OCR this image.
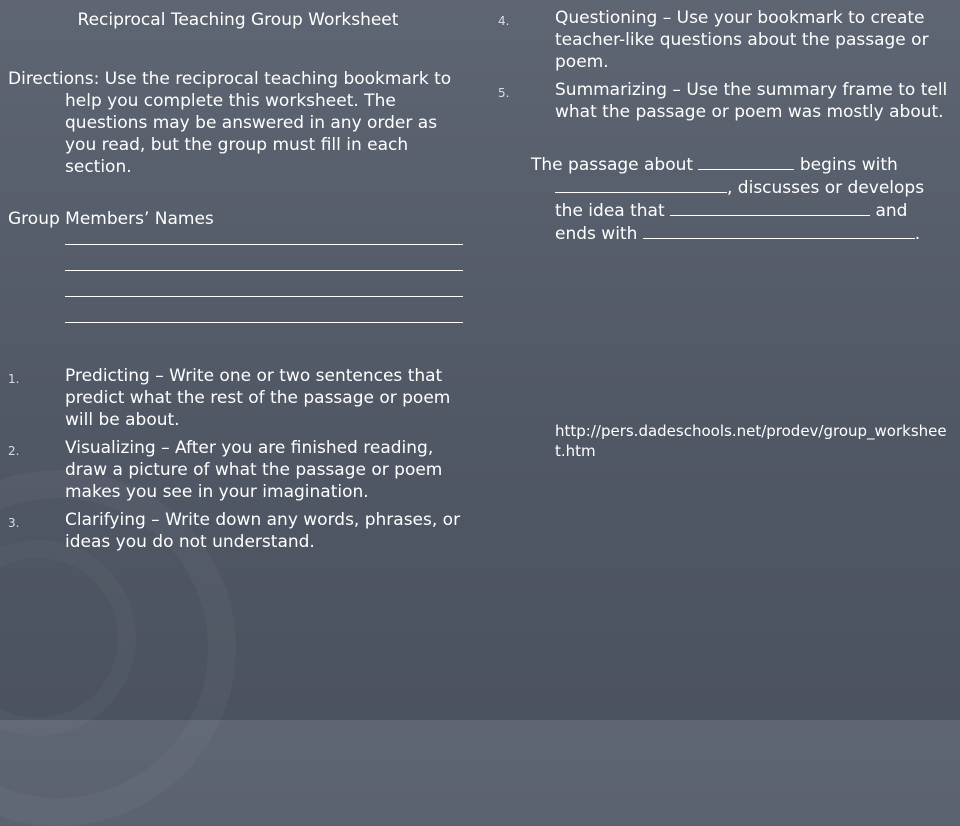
Reciprocal Teaching Group Worksheet
Directions: Use the reciprocal teaching bookmark to help you complete this worksheet. The questions may be answered in any order as you read, but the group must fill in each section.
Group Members’ Names
1.	Predicting – Write one or two sentences that predict what the rest of the passage or poem will be about.
2.	Visualizing – After you are finished reading, draw a picture of what the passage or poem makes you see in your imagination.
3.	Clarifying – Write down any words, phrases, or ideas you do not understand.
4.	Questioning – Use your bookmark to create teacher-like questions about the passage or poem.
5.	Summarizing – Use the summary frame to tell what the passage or poem was mostly about.
The passage about	begins with , discusses or develops the idea that	and ends with	.
http://pers.dadeschools.net/prodev/group_worksheet.htm
